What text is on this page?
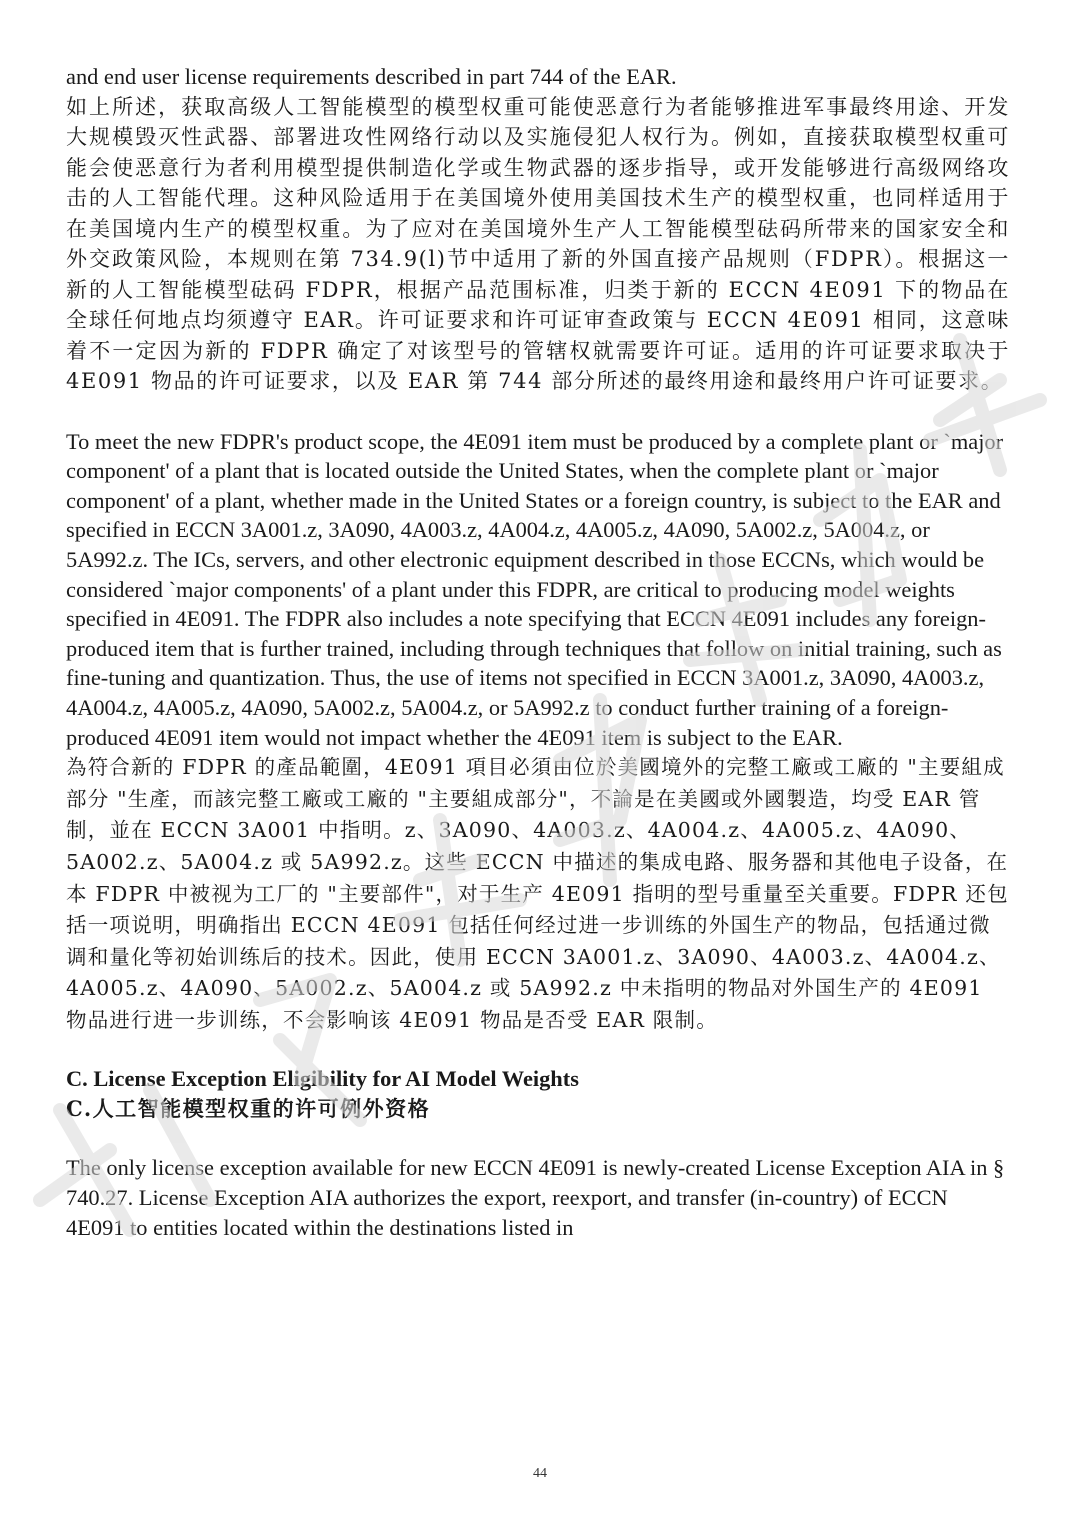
and end user license requirements described in part 744 of the EAR.

如上所述，获取高级人工智能模型的模型权重可能使恶意行为者能够推进军事最终用途、开发大规模毁灭性武器、部署进攻性网络行动以及实施侵犯人权行为。例如，直接获取模型权重可能会使恶意行为者利用模型提供制造化学或生物武器的逐步指导，或开发能够进行高级网络攻击的人工智能代理。这种风险适用于在美国境外使用美国技术生产的模型权重，也同样适用于在美国境内生产的模型权重。为了应对在美国境外生产人工智能模型砝码所带来的国家安全和外交政策风险，本规则在第 734.9(l)节中适用了新的外国直接产品规则（FDPR）。根据这一新的人工智能模型砝码 FDPR，根据产品范围标准，归类于新的 ECCN 4E091 下的物品在全球任何地点均须遵守 EAR。许可证要求和许可证审查政策与 ECCN 4E091 相同，这意味着不一定因为新的 FDPR 确定了对该型号的管辖权就需要许可证。适用的许可证要求取决于 4E091 物品的许可证要求，以及 EAR 第 744 部分所述的最终用途和最终用户许可证要求。

To meet the new FDPR's product scope, the 4E091 item must be produced by a complete plant or `major component' of a plant that is located outside the United States, when the complete plant or `major component' of a plant, whether made in the United States or a foreign country, is subject to the EAR and specified in ECCN 3A001.z, 3A090, 4A003.z, 4A004.z, 4A005.z, 4A090, 5A002.z, 5A004.z, or 5A992.z. The ICs, servers, and other electronic equipment described in those ECCNs, which would be considered `major components' of a plant under this FDPR, are critical to producing model weights specified in 4E091. The FDPR also includes a note specifying that ECCN 4E091 includes any foreign-produced item that is further trained, including through techniques that follow on initial training, such as fine-tuning and quantization. Thus, the use of items not specified in ECCN 3A001.z, 3A090, 4A003.z, 4A004.z, 4A005.z, 4A090, 5A002.z, 5A004.z, or 5A992.z to conduct further training of a foreign-produced 4E091 item would not impact whether the 4E091 item is subject to the EAR.

為符合新的 FDPR 的產品範圍，4E091 項目必須由位於美國境外的完整工廠或工廠的 "主要組成部分 "生產，而該完整工廠或工廠的 "主要組成部分"，不論是在美國或外國製造，均受 EAR 管制，並在 ECCN 3A001 中指明。z、3A090、4A003.z、4A004.z、4A005.z、4A090、5A002.z、5A004.z 或 5A992.z。这些 ECCN 中描述的集成电路、服务器和其他电子设备，在本 FDPR 中被视为工厂的 "主要部件"，对于生产 4E091 指明的型号重量至关重要。FDPR 还包括一项说明，明确指出 ECCN 4E091 包括任何经过进一步训练的外国生产的物品，包括通过微调和量化等初始训练后的技术。因此，使用 ECCN 3A001.z、3A090、4A003.z、4A004.z、4A005.z、4A090、5A002.z、5A004.z 或 5A992.z 中未指明的物品对外国生产的 4E091 物品进行进一步训练，不会影响该 4E091 物品是否受 EAR 限制。

C. License Exception Eligibility for AI Model Weights

C.人工智能模型权重的许可例外资格

The only license exception available for new ECCN 4E091 is newly-created License Exception AIA in § 740.27. License Exception AIA authorizes the export, reexport, and transfer (in-country) of ECCN 4E091 to entities located within the destinations listed in

44
